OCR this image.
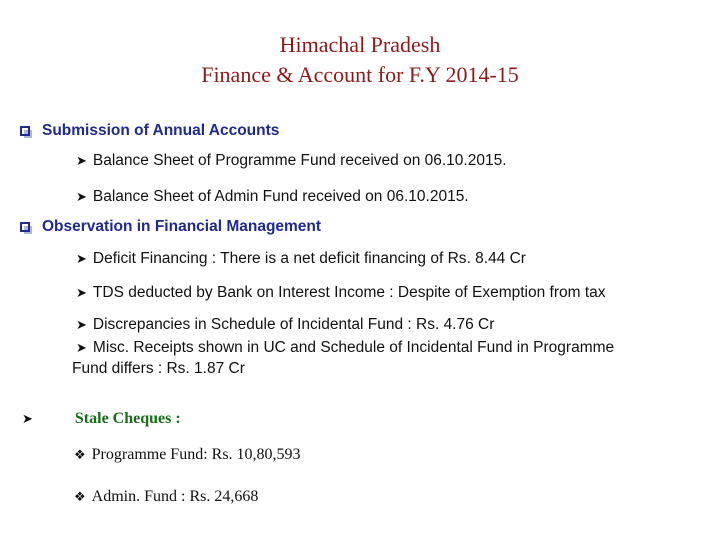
Himachal Pradesh
Finance & Account for F.Y 2014-15
Submission of Annual Accounts
➤ Balance Sheet of Programme Fund received on 06.10.2015.
➤ Balance Sheet of Admin Fund received on 06.10.2015.
Observation in Financial Management
➤ Deficit Financing : There is a net deficit financing of Rs. 8.44 Cr
➤ TDS deducted by Bank on Interest Income : Despite of Exemption from tax
➤ Discrepancies in Schedule of Incidental Fund : Rs. 4.76 Cr
➤ Misc. Receipts shown in UC and Schedule of Incidental Fund in Programme
Fund differs : Rs. 1.87 Cr
➤	Stale Cheques :
❖ Programme Fund: Rs. 10,80,593
❖ Admin. Fund : Rs. 24,668
